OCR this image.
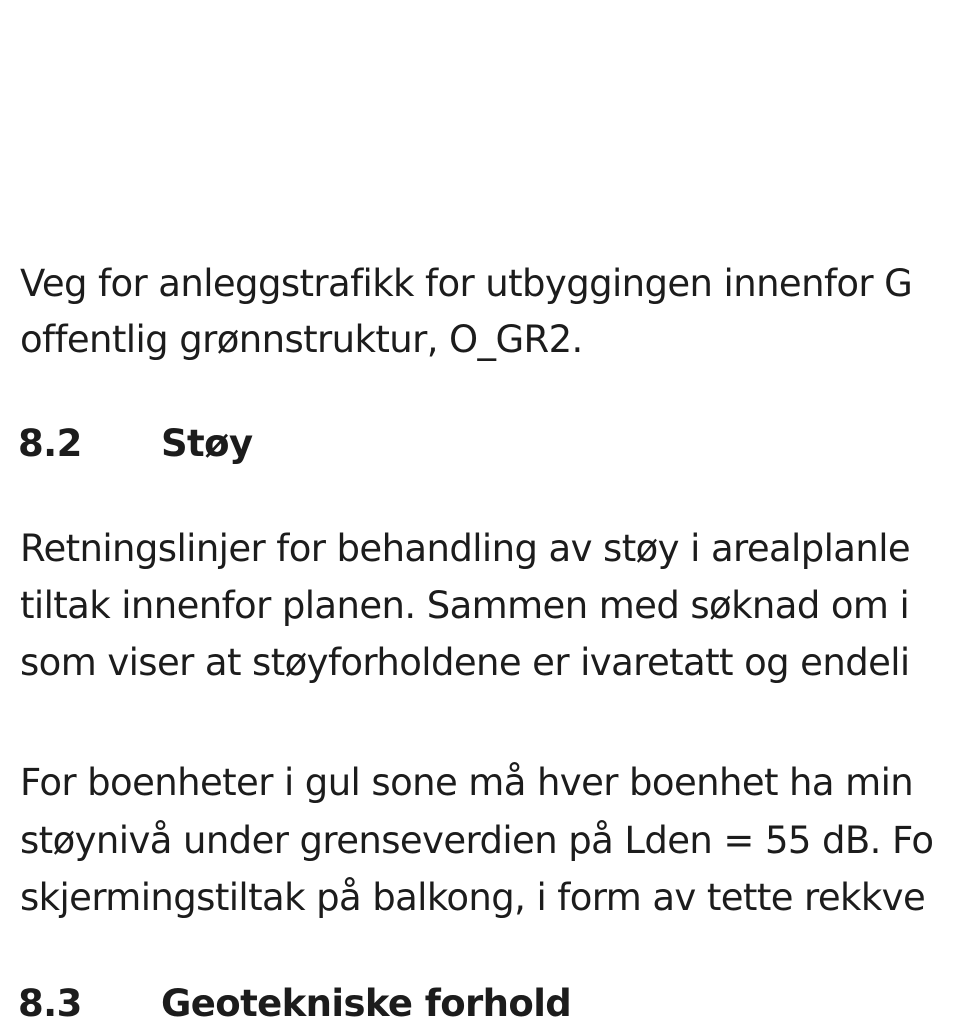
Veg for anleggstrafikk for utbyggingen innenfor G
offentlig grønnstruktur, O_GR2.
8.2 Støy
Retningslinjer for behandling av støy i arealplanle
tiltak innenfor planen. Sammen med søknad om i
som viser at støyforholdene er ivaretatt og endeli
For boenheter i gul sone må hver boenhet ha min
støynivå under grenseverdien på Lden = 55 dB. Fo
skjermingstiltak på balkong, i form av tette rekkve
8.3 Geotekniske forhold
